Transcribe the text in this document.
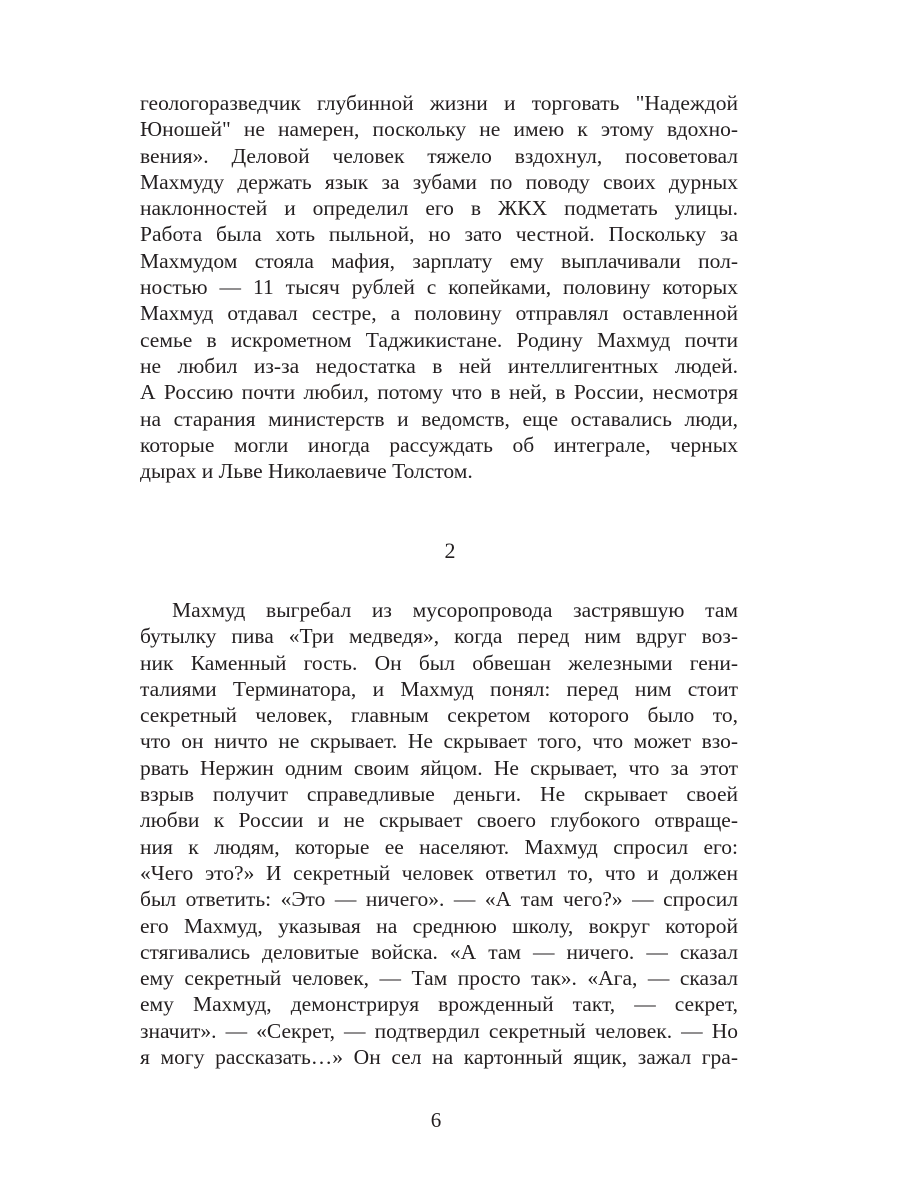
геологоразведчик глубинной жизни и торговать "Надеждой
Юношей" не намерен, поскольку не имею к этому вдохно-
вения». Деловой человек тяжело вздохнул, посоветовал
Махмуду держать язык за зубами по поводу своих дурных
наклонностей и определил его в ЖКХ подметать улицы.
Работа была хоть пыльной, но зато честной. Поскольку за
Махмудом стояла мафия, зарплату ему выплачивали пол-
ностью — 11 тысяч рублей с копейками, половину которых
Махмуд отдавал сестре, а половину отправлял оставленной
семье в искрометном Таджикистане. Родину Махмуд почти
не любил из-за недостатка в ней интеллигентных людей.
А Россию почти любил, потому что в ней, в России, несмотря
на старания министерств и ведомств, еще оставались люди,
которые могли иногда рассуждать об интеграле, черных
дырах и Льве Николаевиче Толстом.
2
Махмуд выгребал из мусоропровода застрявшую там
бутылку пива «Три медведя», когда перед ним вдруг воз-
ник Каменный гость. Он был обвешан железными гени-
талиями Терминатора, и Махмуд понял: перед ним стоит
секретный человек, главным секретом которого было то,
что он ничто не скрывает. Не скрывает того, что может взо-
рвать Нержин одним своим яйцом. Не скрывает, что за этот
взрыв получит справедливые деньги. Не скрывает своей
любви к России и не скрывает своего глубокого отвраще-
ния к людям, которые ее населяют. Махмуд спросил его:
«Чего это?» И секретный человек ответил то, что и должен
был ответить: «Это — ничего». — «А там чего?» — спросил
его Махмуд, указывая на среднюю школу, вокруг которой
стягивались деловитые войска. «А там — ничего. — сказал
ему секретный человек, — Там просто так». «Ага, — сказал
ему Махмуд, демонстрируя врожденный такт, — секрет,
значит». — «Секрет, — подтвердил секретный человек. — Но
я могу рассказать…» Он сел на картонный ящик, зажал гра-
6
